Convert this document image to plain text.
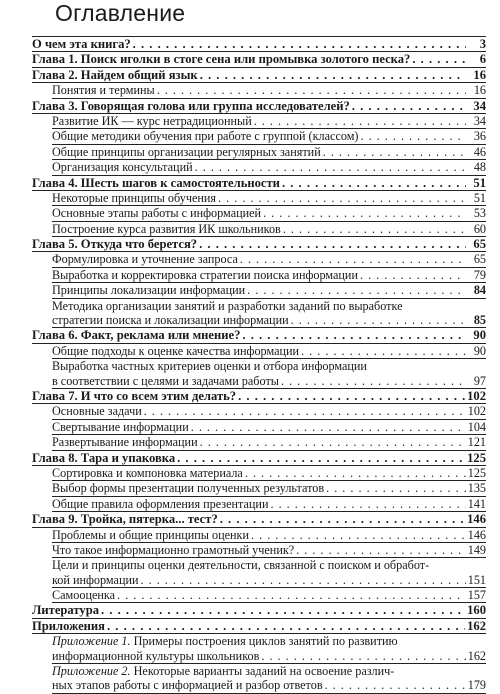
Оглавление
О чем эта книга? . . .	3
Глава 1. Поиск иголки в стоге сена или промывка золотого песка? . . .	6
Глава 2. Найдем общий язык . . .	16
Понятия и термины . . .	16
Глава 3. Говорящая голова или группа исследователей? . . .	34
Развитие ИК — курс нетрадиционный . . .	34
Общие методики обучения при работе с группой (классом) . . .	36
Общие принципы организации регулярных занятий . . .	46
Организация консультаций . . .	48
Глава 4. Шесть шагов к самостоятельности . . .	51
Некоторые принципы обучения . . .	51
Основные этапы работы с информацией . . .	53
Построение курса развития ИК школьников . . .	60
Глава 5. Откуда что берется? . . .	65
Формулировка и уточнение запроса . . .	65
Выработка и корректировка стратегии поиска информации . . .	79
Принципы локализации информации . . .	84
Методика организации занятий и разработки заданий по выработке
стратегии поиска и локализации информации . . .	85
Глава 6. Факт, реклама или мнение? . . .	90
Общие подходы к оценке качества информации . . .	90
Выработка частных критериев оценки и отбора информации
в соответствии с целями и задачами работы . . .	97
Глава 7. И что со всем этим делать? . . .	102
Основные задачи . . .	102
Свертывание информации . . .	104
Развертывание информации . . .	121
Глава 8. Тара и упаковка . . .	125
Сортировка и компоновка материала . . .	125
Выбор формы презентации полученных результатов . . .	135
Общие правила оформления презентации . . .	141
Глава 9. Тройка, пятерка... тест? . . .	146
Проблемы и общие принципы оценки . . .	146
Что такое информационно грамотный ученик? . . .	149
Цели и принципы оценки деятельности, связанной с поиском и обработ-
кой информации . . .	151
Самооценка . . .	157
Литература . . .	160
Приложения . . .	162
Приложение 1. Примеры построения циклов занятий по развитию
информационной культуры школьников . . .	162
Приложение 2. Некоторые варианты заданий на освоение различ-
ных этапов работы с информацией и разбор ответов . . .	179
